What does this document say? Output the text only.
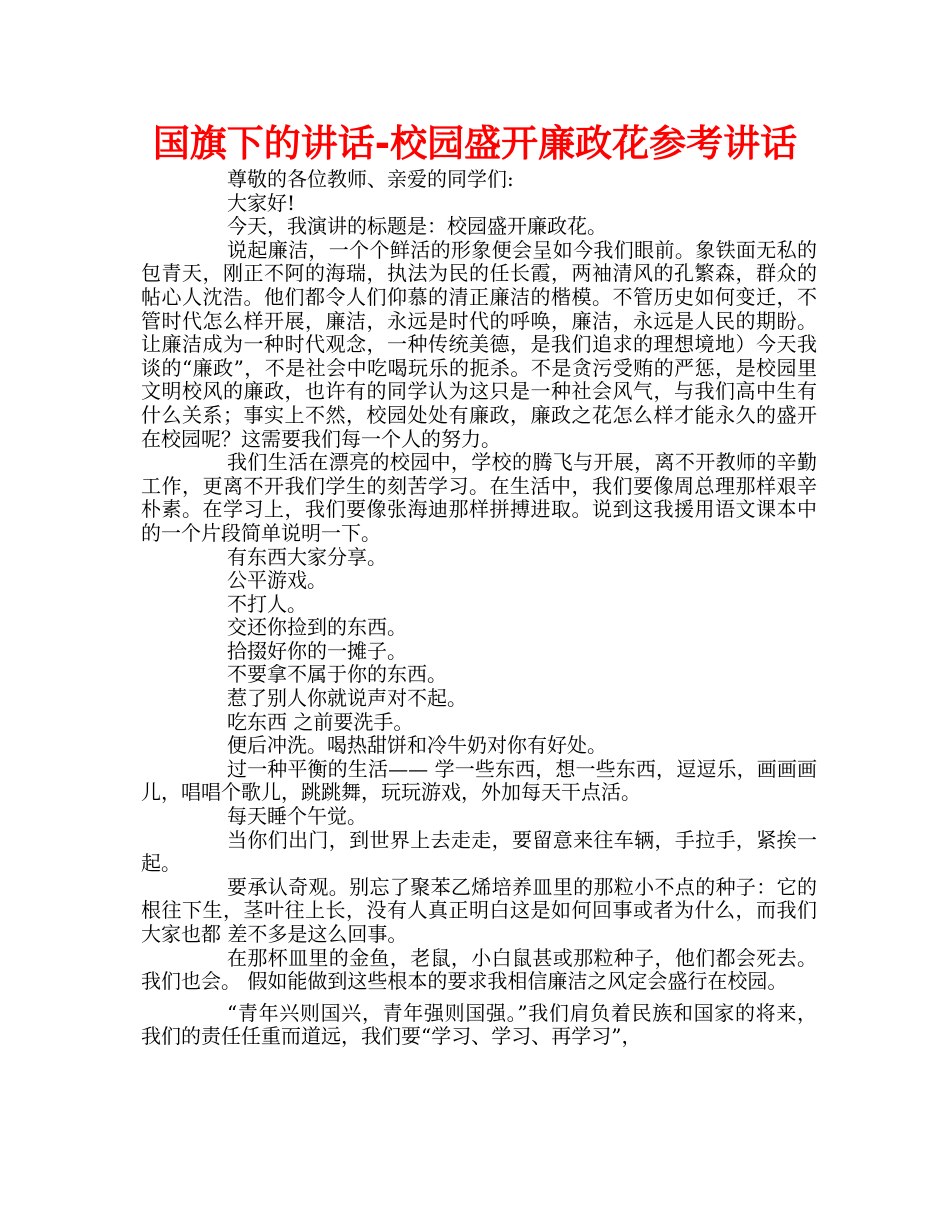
国旗下的讲话-校园盛开廉政花参考讲话

尊敬的各位教师、亲爱的同学们:

大家好!

今天，我演讲的标题是：校园盛开廉政花。

说起廉洁，一个个鲜活的形象便会呈如今我们眼前。象铁面无私的包青天，刚正不阿的海瑞，执法为民的任长霞，两袖清风的孔繁森，群众的帖心人沈浩。他们都令人们仰慕的清正廉洁的楷模。不管历史如何变迁，不管时代怎么样开展，廉洁，永远是时代的呼唤，廉洁，永远是人民的期盼。让廉洁成为一种时代观念，一种传统美德，是我们追求的理想境地）今天我谈的“廉政”，不是社会中吃喝玩乐的扼杀。不是贪污受贿的严惩，是校园里文明校风的廉政，也许有的同学认为这只是一种社会风气，与我们高中生有什么关系；事实上不然，校园处处有廉政，廉政之花怎么样才能永久的盛开在校园呢？这需要我们每一个人的努力。

我们生活在漂亮的校园中，学校的腾飞与开展，离不开教师的辛勤工作，更离不开我们学生的刻苦学习。在生活中，我们要像周总理那样艰辛朴素。在学习上，我们要像张海迪那样拼搏进取。说到这我援用语文课本中的一个片段简单说明一下。

有东西大家分享。

公平游戏。

不打人。

交还你捡到的东西。

拾掇好你的一摊子。

不要拿不属于你的东西。

惹了别人你就说声对不起。

吃东西 之前要洗手。

便后冲洗。喝热甜饼和冷牛奶对你有好处。

过一种平衡的生活—— 学一些东西，想一些东西，逗逗乐，画画画儿，唱唱个歌儿，跳跳舞，玩玩游戏，外加每天干点活。

每天睡个午觉。

当你们出门，到世界上去走走，要留意来往车辆，手拉手，紧挨一起。

要承认奇观。别忘了聚苯乙烯培养皿里的那粒小不点的种子：它的根往下生，茎叶往上长，没有人真正明白这是如何回事或者为什么，而我们大家也都 差不多是这么回事。

在那杯皿里的金鱼，老鼠，小白鼠甚或那粒种子，他们都会死去。我们也会。 假如能做到这些根本的要求我相信廉洁之风定会盛行在校园。

“青年兴则国兴，青年强则国强。”我们肩负着民族和国家的将来，我们的责任任重而道远，我们要“学习、学习、再学习”，
